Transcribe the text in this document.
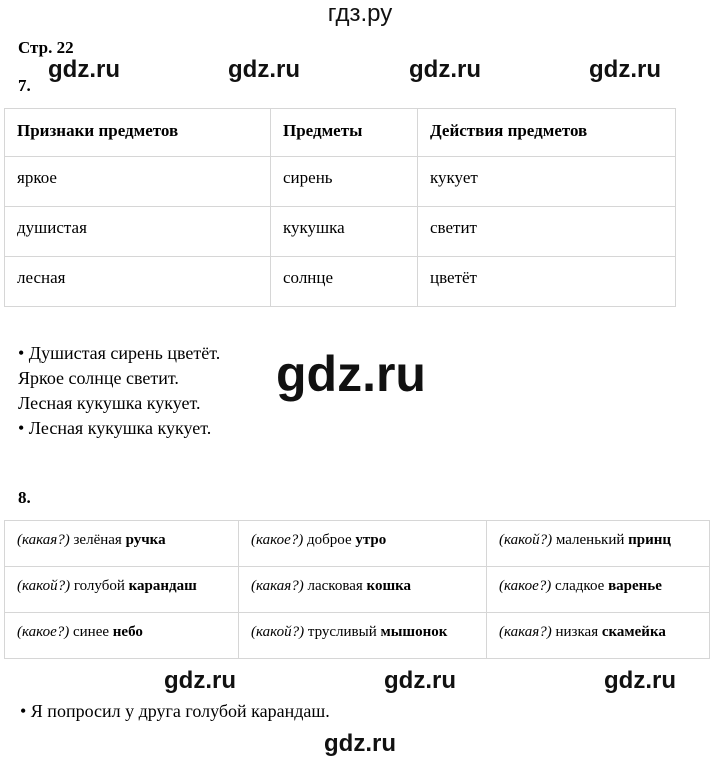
гдз.ру
Стр. 22
7.
gdz.ru	gdz.ru	gdz.ru	gdz.ru
Признаки предметов	Предметы	Действия предметов
яркое	сирень	кукует
душистая	кукушка	светит
лесная	солнце	цветёт
• Душистая сирень цветёт.
Яркое солнце светит.
Лесная кукушка кукует.
• Лесная кукушка кукует.
gdz.ru
8.
(какая?) зелёная ручка	(какое?) доброе утро	(какой?) маленький принц
(какой?) голубой карандаш	(какая?) ласковая кошка	(какое?) сладкое варенье
(какое?) синее небо	(какой?) трусливый мышонок	(какая?) низкая скамейка
gdz.ru	gdz.ru	gdz.ru
• Я попросил у друга голубой карандаш.
gdz.ru
